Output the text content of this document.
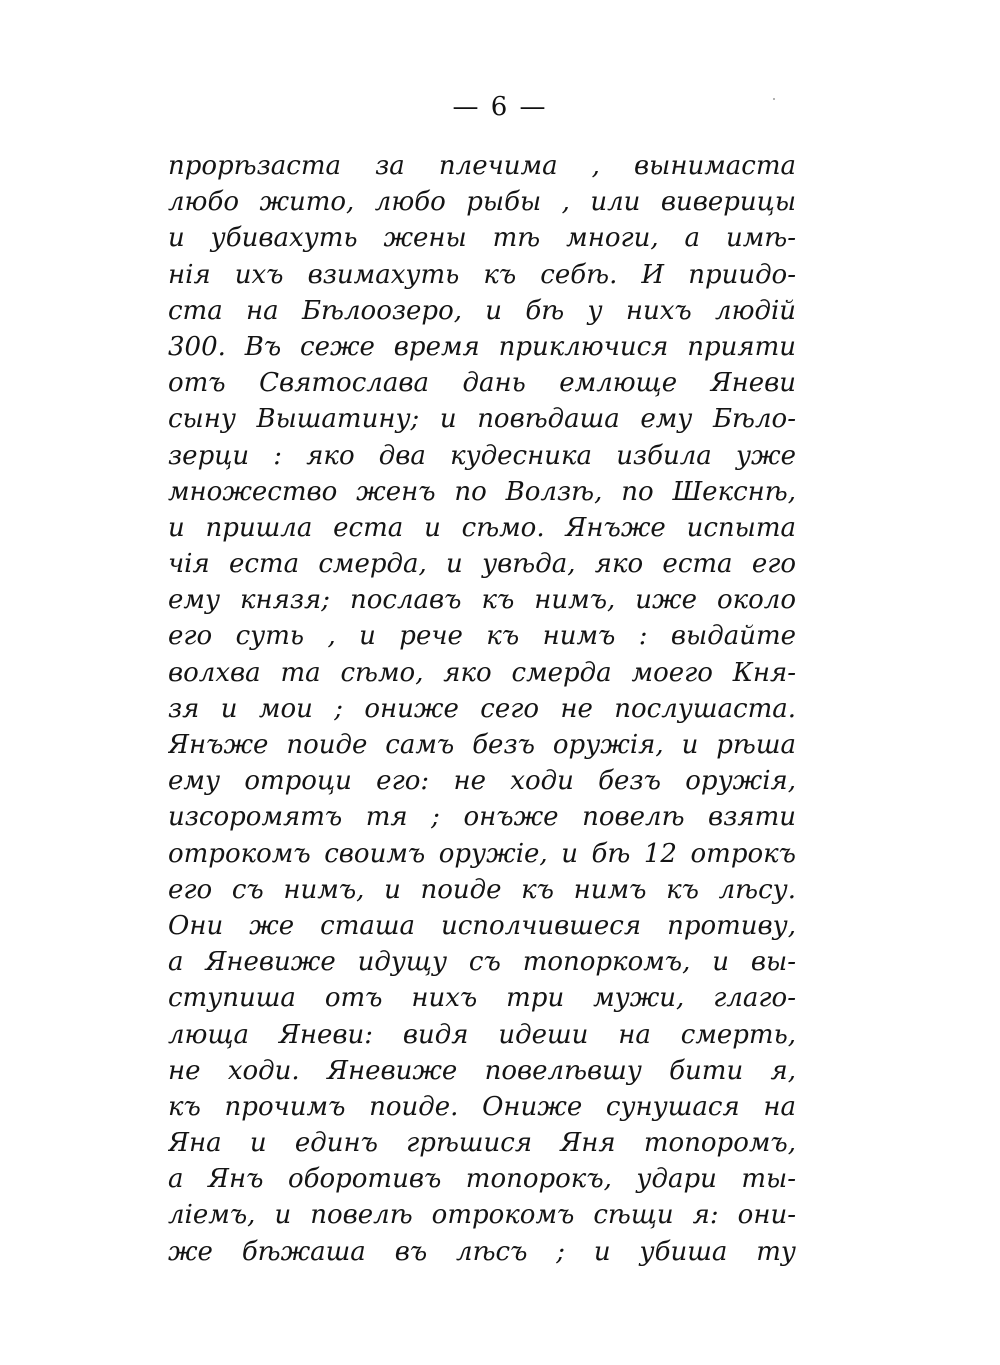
— 6 —
прорѣзаста за плечима , вынимаста
любо жито, любо рыбы , или виверицы
и убивахуть жены тѣ многи, а имѣ-
нія ихъ взимахуть къ себѣ. И приидо-
ста на Бѣлоозеро, и бѣ у нихъ людій
300. Въ сеже время приключися прияти
отъ Святослава дань емлюще Яневи
сыну Вышатину; и повѣдаша ему Бѣло-
зерци : яко два кудесника избила уже
множество женъ по Волзѣ, по Шекснѣ,
и пришла еста и сѣмо. Янъже испыта
чія еста смерда, и увѣда, яко еста его
ему князя; пославъ къ нимъ, иже около
его суть , и рече къ нимъ : выдайте
волхва та сѣмо, яко смерда моего Кня-
зя и мои ; ониже сего не послушаста.
Янъже поиде самъ безъ оружія, и рѣша
ему отроци его: не ходи безъ оружія,
изсоромятъ тя ; онъже повелѣ взяти
отрокомъ своимъ оружіе, и бѣ 12 отрокъ
его съ нимъ, и поиде къ нимъ къ лѣсу.
Они же сташа исполчившеся противу,
а Яневиже идущу съ топоркомъ, и вы-
ступиша отъ нихъ три мужи, глаго-
люща Яневи: видя идеши на смерть,
не ходи. Яневиже повелѣвшу бити я,
къ прочимъ поиде. Ониже сунушася на
Яна и единъ грѣшися Яня топоромъ,
а Янъ оборотивъ топорокъ, удари ты-
ліемъ, и повелѣ отрокомъ сѣщи я: они-
же бѣжаша въ лѣсъ ; и убиша ту
